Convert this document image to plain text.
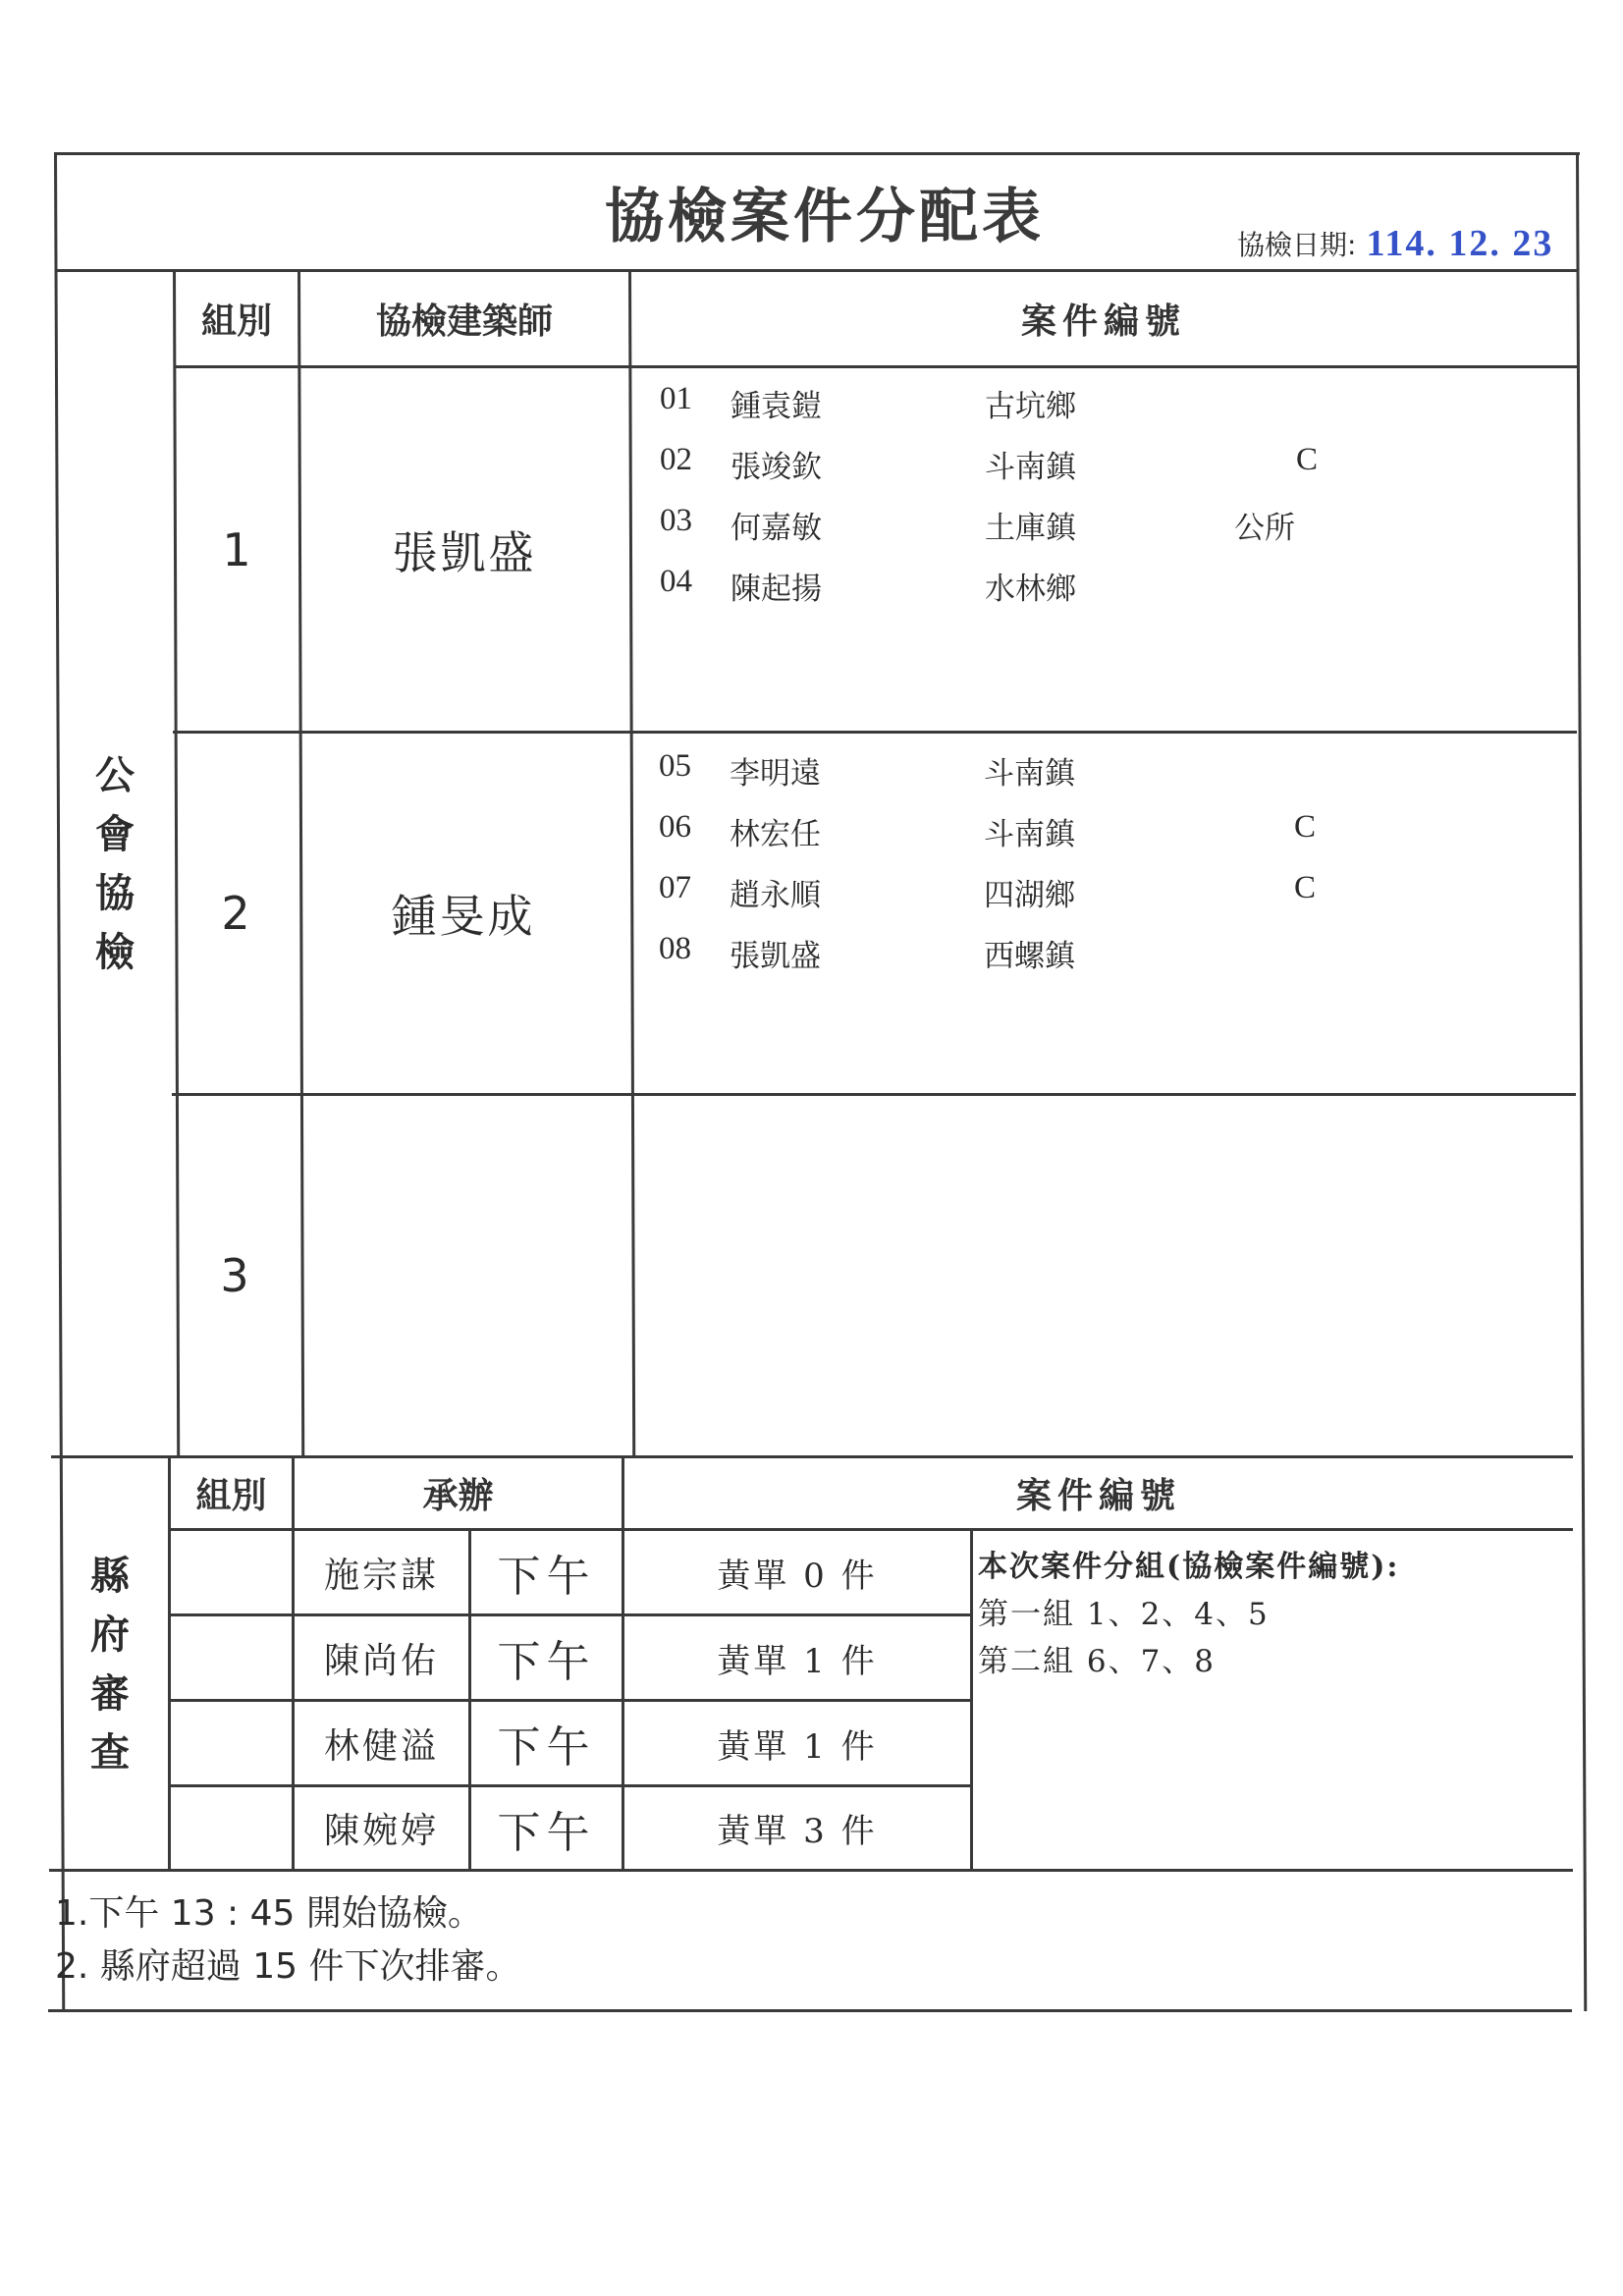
協檢案件分配表	協檢日期: 114. 12. 23
公
會
協
檢
組別	協檢建築師	案件編號
1	張凱盛
01 鍾袁鎧	古坑鄉
02 張竣欽	斗南鎮	C
03 何嘉敏	土庫鎮	公所
04 陳起揚	水林鄉
2	鍾旻成
05 李明遠	斗南鎮
06 林宏任	斗南鎮	C
07 趙永順	四湖鄉	C
08 張凱盛	西螺鎮
3
縣
府
審
查
組別	承辦	案件編號
施宗謀	下午	黃單 0 件
陳尚佑	下午	黃單 1 件
林健溢	下午	黃單 1 件
陳婉婷	下午	黃單 3 件
本次案件分組(協檢案件編號):
第一組 1、2、4、5
第二組 6、7、8
1.下午 13 : 45 開始協檢。
2. 縣府超過 15 件下次排審。
